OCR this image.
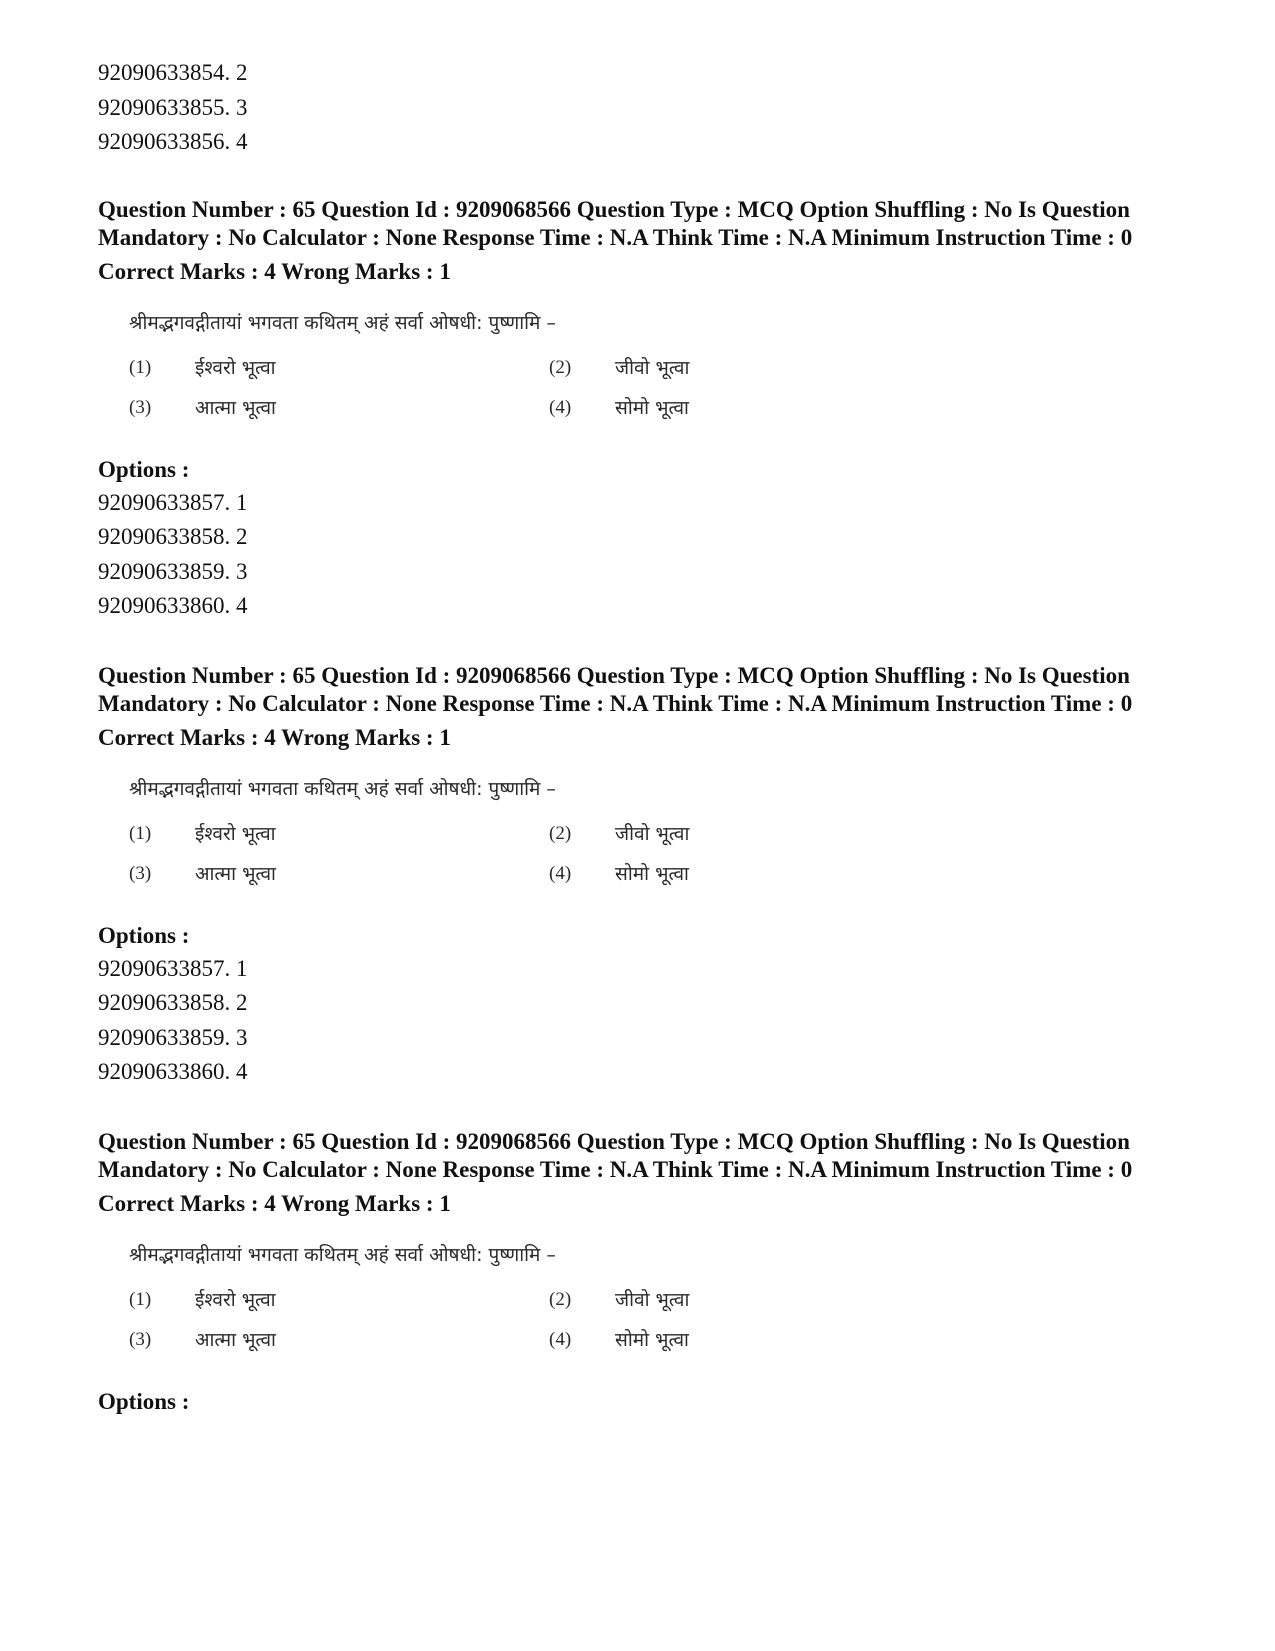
92090633854. 2
92090633855. 3
92090633856. 4
Question Number : 65 Question Id : 9209068566 Question Type : MCQ Option Shuffling : No Is Question Mandatory : No Calculator : None Response Time : N.A Think Time : N.A Minimum Instruction Time : 0
Correct Marks : 4 Wrong Marks : 1
श्रीमद्भगवद्गीतायां भगवता कथितम् अहं सर्वा ओषधी: पुष्णामि –
(1)	ईश्वरो भूत्वा	(2)	जीवो भूत्वा
(3)	आत्मा भूत्वा	(4)	सोमो भूत्वा
Options :
92090633857. 1
92090633858. 2
92090633859. 3
92090633860. 4
Question Number : 65 Question Id : 9209068566 Question Type : MCQ Option Shuffling : No Is Question Mandatory : No Calculator : None Response Time : N.A Think Time : N.A Minimum Instruction Time : 0
Correct Marks : 4 Wrong Marks : 1
श्रीमद्भगवद्गीतायां भगवता कथितम् अहं सर्वा ओषधी: पुष्णामि –
(1)	ईश्वरो भूत्वा	(2)	जीवो भूत्वा
(3)	आत्मा भूत्वा	(4)	सोमो भूत्वा
Options :
92090633857. 1
92090633858. 2
92090633859. 3
92090633860. 4
Question Number : 65 Question Id : 9209068566 Question Type : MCQ Option Shuffling : No Is Question Mandatory : No Calculator : None Response Time : N.A Think Time : N.A Minimum Instruction Time : 0
Correct Marks : 4 Wrong Marks : 1
श्रीमद्भगवद्गीतायां भगवता कथितम् अहं सर्वा ओषधी: पुष्णामि –
(1)	ईश्वरो भूत्वा	(2)	जीवो भूत्वा
(3)	आत्मा भूत्वा	(4)	सोमो भूत्वा
Options :
